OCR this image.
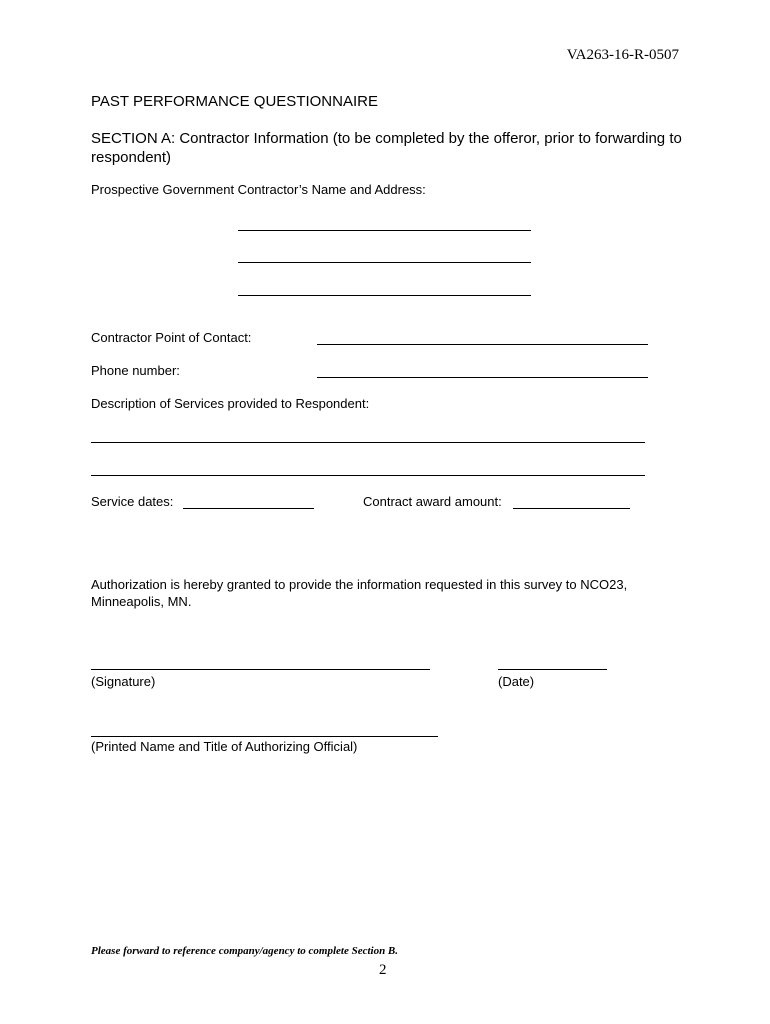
VA263-16-R-0507
PAST PERFORMANCE QUESTIONNAIRE
SECTION A: Contractor Information (to be completed by the offeror, prior to forwarding to respondent)
Prospective Government Contractor’s Name and Address:
Contractor Point of Contact:
Phone number:
Description of Services provided to Respondent:
Service dates:	Contract award amount:
Authorization is hereby granted to provide the information requested in this survey to NCO23, Minneapolis, MN.
(Signature)	(Date)
(Printed Name and Title of Authorizing Official)
Please forward to reference company/agency to complete Section B.
2
